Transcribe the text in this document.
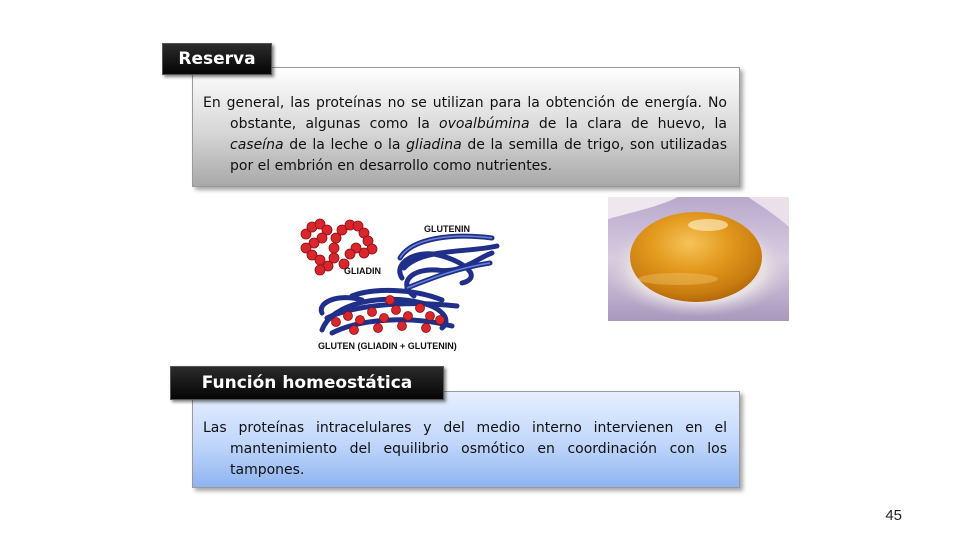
Reserva

En general, las proteínas no se utilizan para la obtención de energía. No obstante, algunas como la ovoalbúmina de la clara de huevo, la caseína de la leche o la gliadina de la semilla de trigo, son utilizadas por el embrión en desarrollo como nutrientes.

GLUTENIN
GLIADIN
GLUTEN (GLIADIN + GLUTENIN)
Función homeostática

Las proteínas intracelulares y del medio interno intervienen en el mantenimiento del equilibrio osmótico en coordinación con los tampones.

45
